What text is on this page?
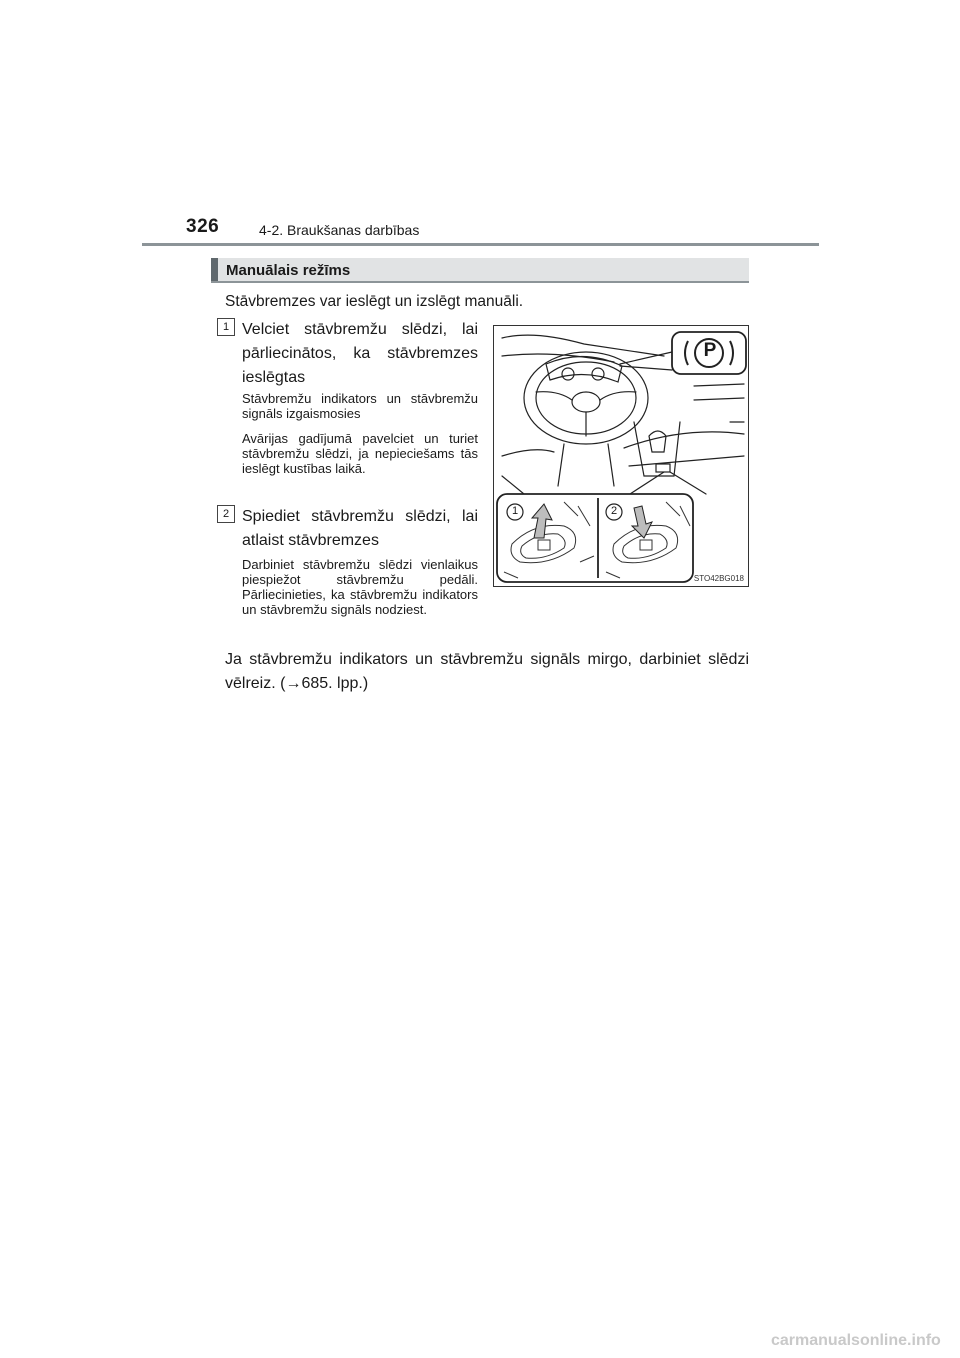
326	4-2. Braukšanas darbības
Manuālais režīms
Stāvbremzes var ieslēgt un izslēgt manuāli.
1 Velciet stāvbremžu slēdzi, lai pārliecinātos, ka stāvbremzes ieslēgtas
Stāvbremžu indikators un stāvbremžu signāls izgaismosies
Avārijas gadījumā pavelciet un turiet stāvbremžu slēdzi, ja nepieciešams tās ieslēgt kustības laikā.
2 Spiediet stāvbremžu slēdzi, lai atlaist stāvbremzes
Darbiniet stāvbremžu slēdzi vienlaikus piespiežot stāvbremžu pedāli. Pārliecinieties, ka stāvbremžu indikators un stāvbremžu signāls nodziest.
P
1	2
STO42BG018
Ja stāvbremžu indikators un stāvbremžu signāls mirgo, darbiniet slēdzi vēlreiz. (→685. lpp.)
carmanualsonline.info
